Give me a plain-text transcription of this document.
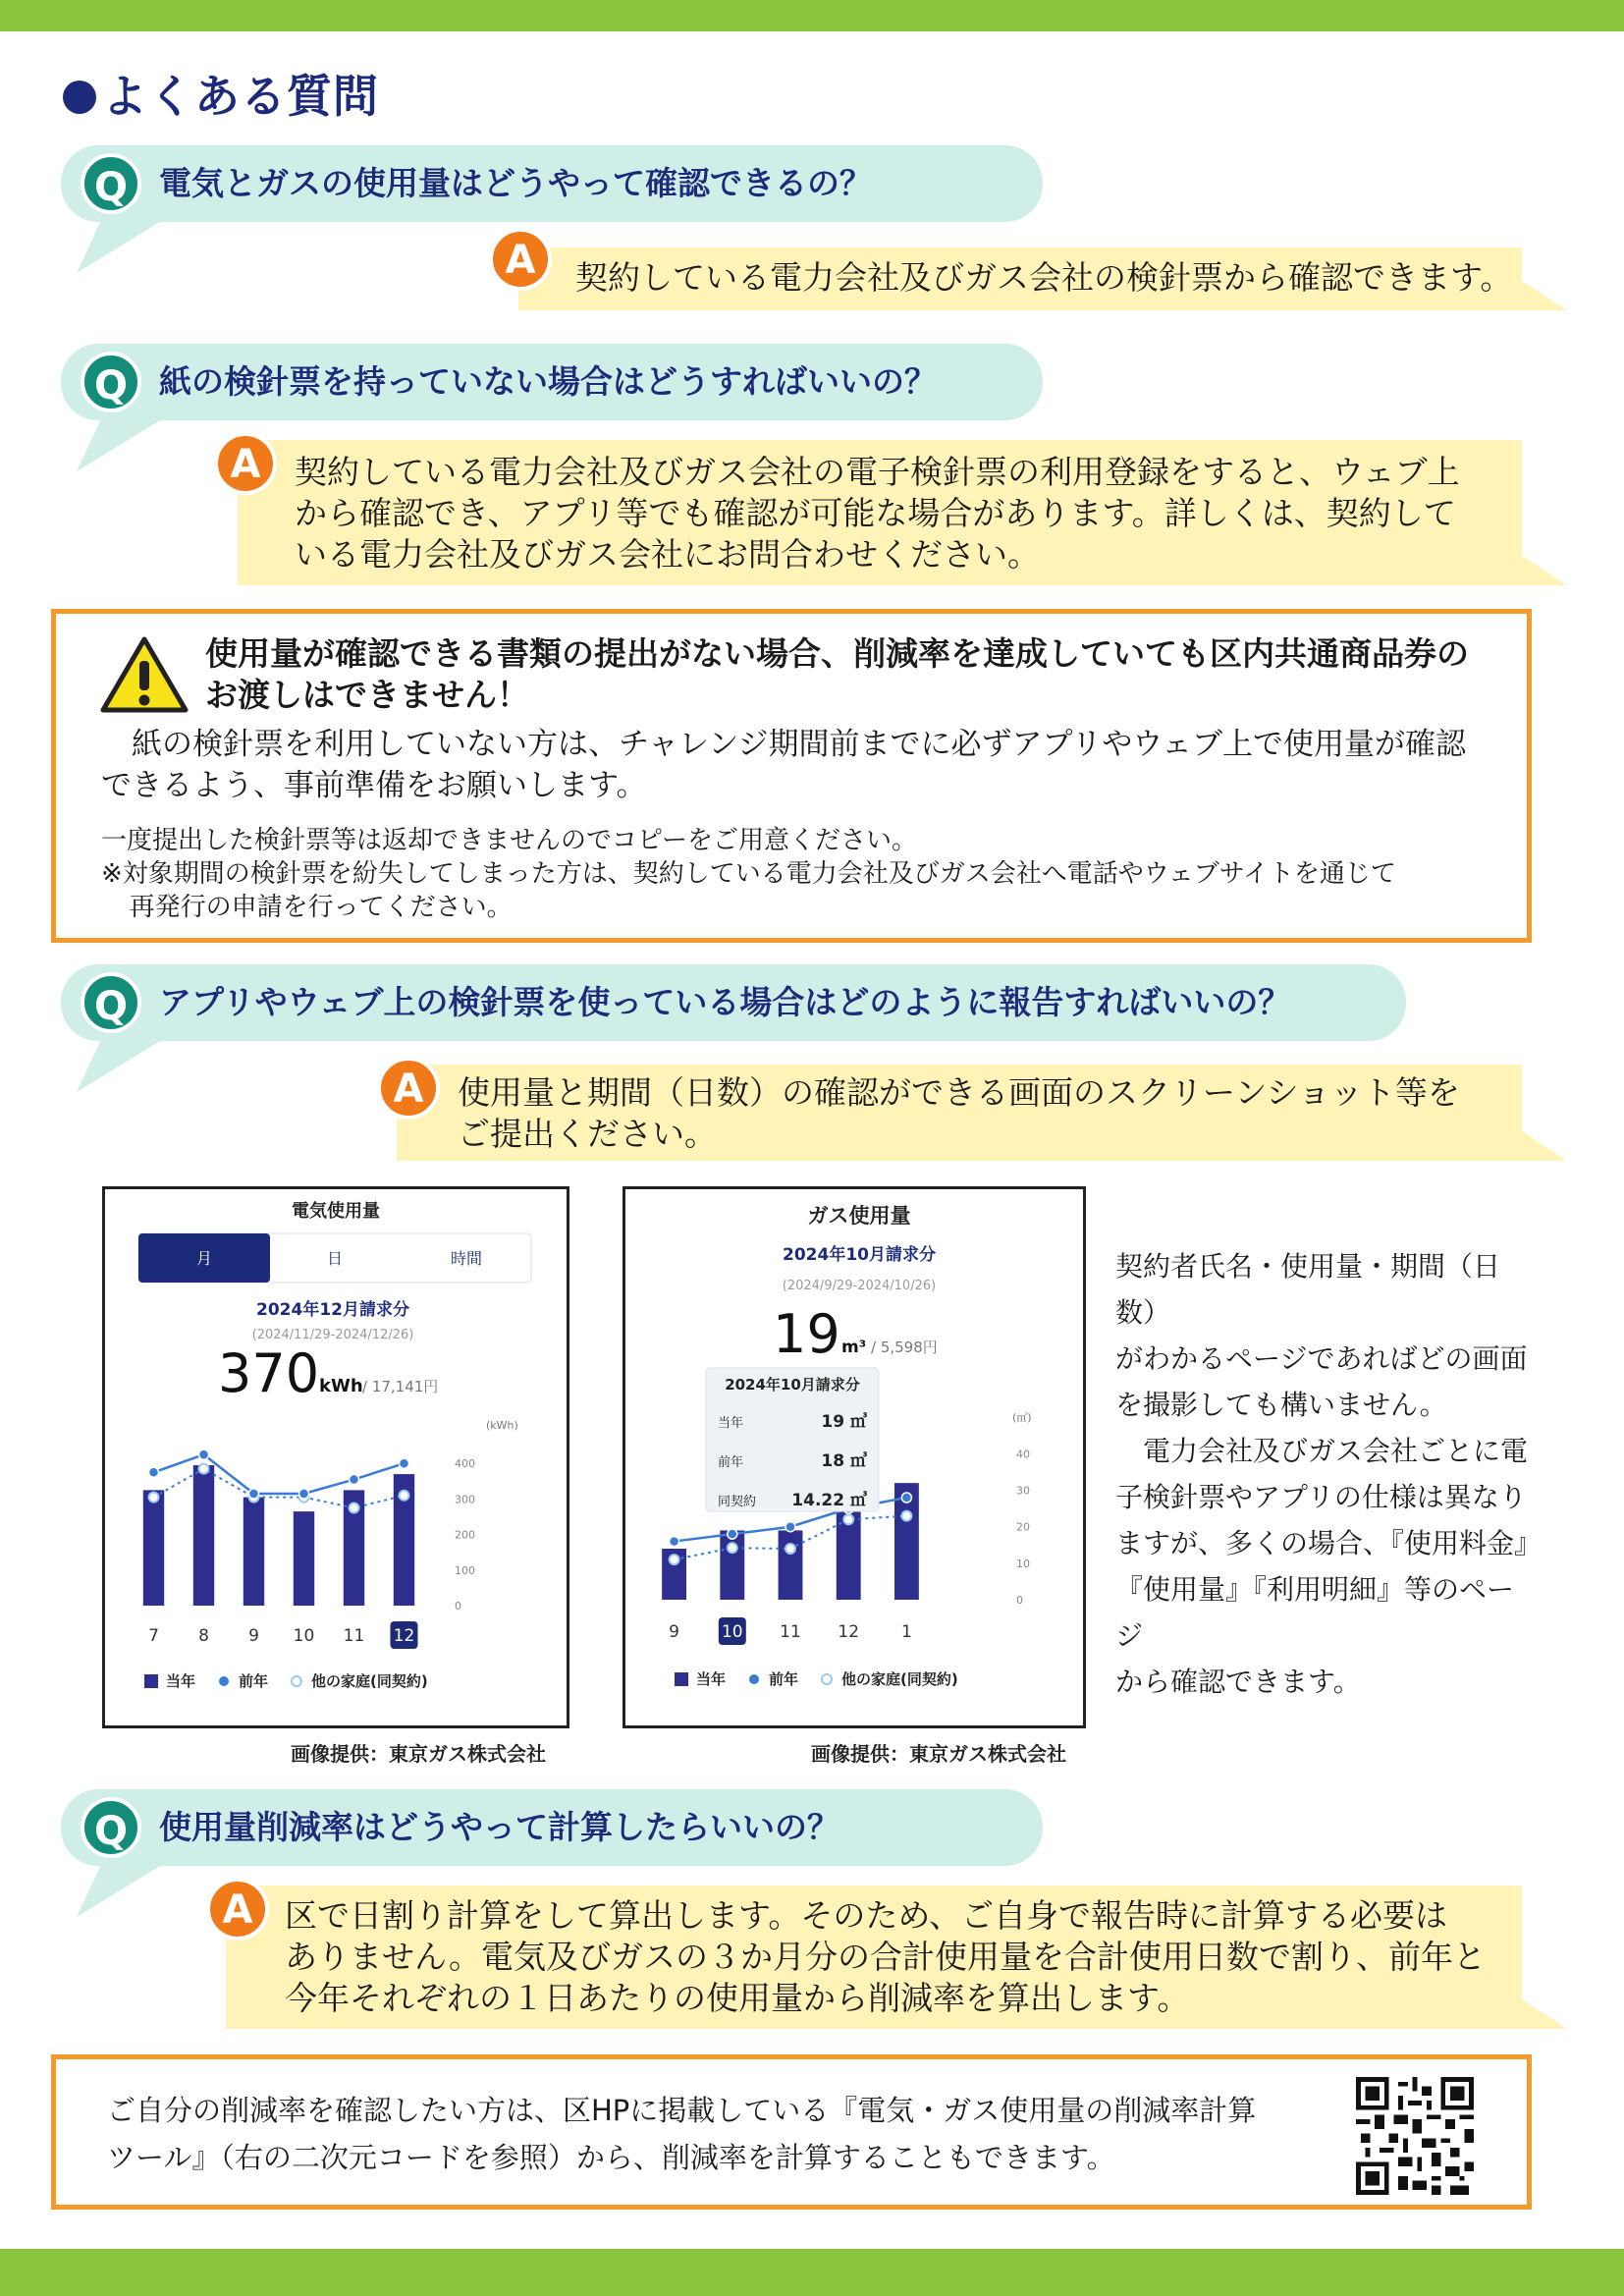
よくある質問
Q 電気とガスの使用量はどうやって確認できるの？
A	契約している電力会社及びガス会社の検針票から確認できます。
Q 紙の検針票を持っていない場合はどうすればいいの？
A	契約している電力会社及びガス会社の電子検針票の利用登録をすると、ウェブ上
から確認でき、アプリ等でも確認が可能な場合があります。詳しくは、契約して
いる電力会社及びガス会社にお問合わせください。
使用量が確認できる書類の提出がない場合、削減率を達成していても区内共通商品券の
お渡しはできません！
紙の検針票を利用していない方は、チャレンジ期間前までに必ずアプリやウェブ上で使用量が確認
できるよう、事前準備をお願いします。
一度提出した検針票等は返却できませんのでコピーをご用意ください。
※対象期間の検針票を紛失してしまった方は、契約している電力会社及びガス会社へ電話やウェブサイトを通じて
再発行の申請を行ってください。
Q アプリやウェブ上の検針票を使っている場合はどのように報告すればいいの？
A	使用量と期間（日数）の確認ができる画面のスクリーンショット等を
ご提出ください。
電気使用量
月	日	時間
2024年12月請求分
(2024/11/29-2024/12/26)
370 kWh / 17,141円
(kWh)
0
100
200
300
400
7 8 9 10 11 12
当年	前年	他の家庭(同契約)
画像提供：東京ガス株式会社
ガス使用量
2024年10月請求分
(2024/9/29-2024/10/26)
19 m³ / 5,598円
(㎥)
0
10
20
30
40
9	10 11 12	1
当年	前年	他の家庭(同契約)
2024年10月請求分
当年	19 ㎥
前年	18 ㎥
同契約 14.22 ㎥
画像提供：東京ガス株式会社
契約者氏名・使用量・期間（日数）
がわかるページであればどの画面
を撮影しても構いません。
　電力会社及びガス会社ごとに電
子検針票やアプリの仕様は異なり
ますが、多くの場合、『使用料金』
『使用量』『利用明細』等のページ
から確認できます。
Q 使用量削減率はどうやって計算したらいいの？
A 区で日割り計算をして算出します。そのため、ご自身で報告時に計算する必要は
ありません。電気及びガスの３か月分の合計使用量を合計使用日数で割り、前年と
今年それぞれの１日あたりの使用量から削減率を算出します。
ご自分の削減率を確認したい方は、区HPに掲載している『電気・ガス使用量の削減率計算
ツール』（右の二次元コードを参照）から、削減率を計算することもできます。
